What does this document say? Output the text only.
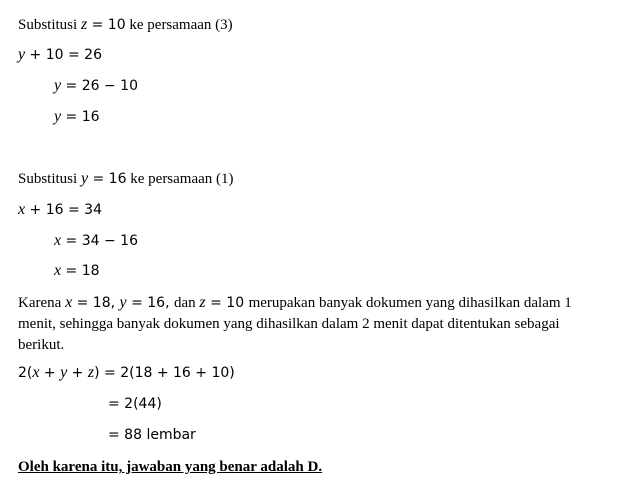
Substitusi z = 10 ke persamaan (3)
y + 10 = 26
y = 26 − 10
y = 16
Substitusi y = 16 ke persamaan (1)
x + 16 = 34
x = 34 − 16
x = 18
Karena x = 18, y = 16, dan z = 10 merupakan banyak dokumen yang dihasilkan dalam 1 menit, sehingga banyak dokumen yang dihasilkan dalam 2 menit dapat ditentukan sebagai berikut.
2(x + y + z) = 2(18 + 16 + 10)
= 2(44)
= 88 lembar
Oleh karena itu, jawaban yang benar adalah D.
